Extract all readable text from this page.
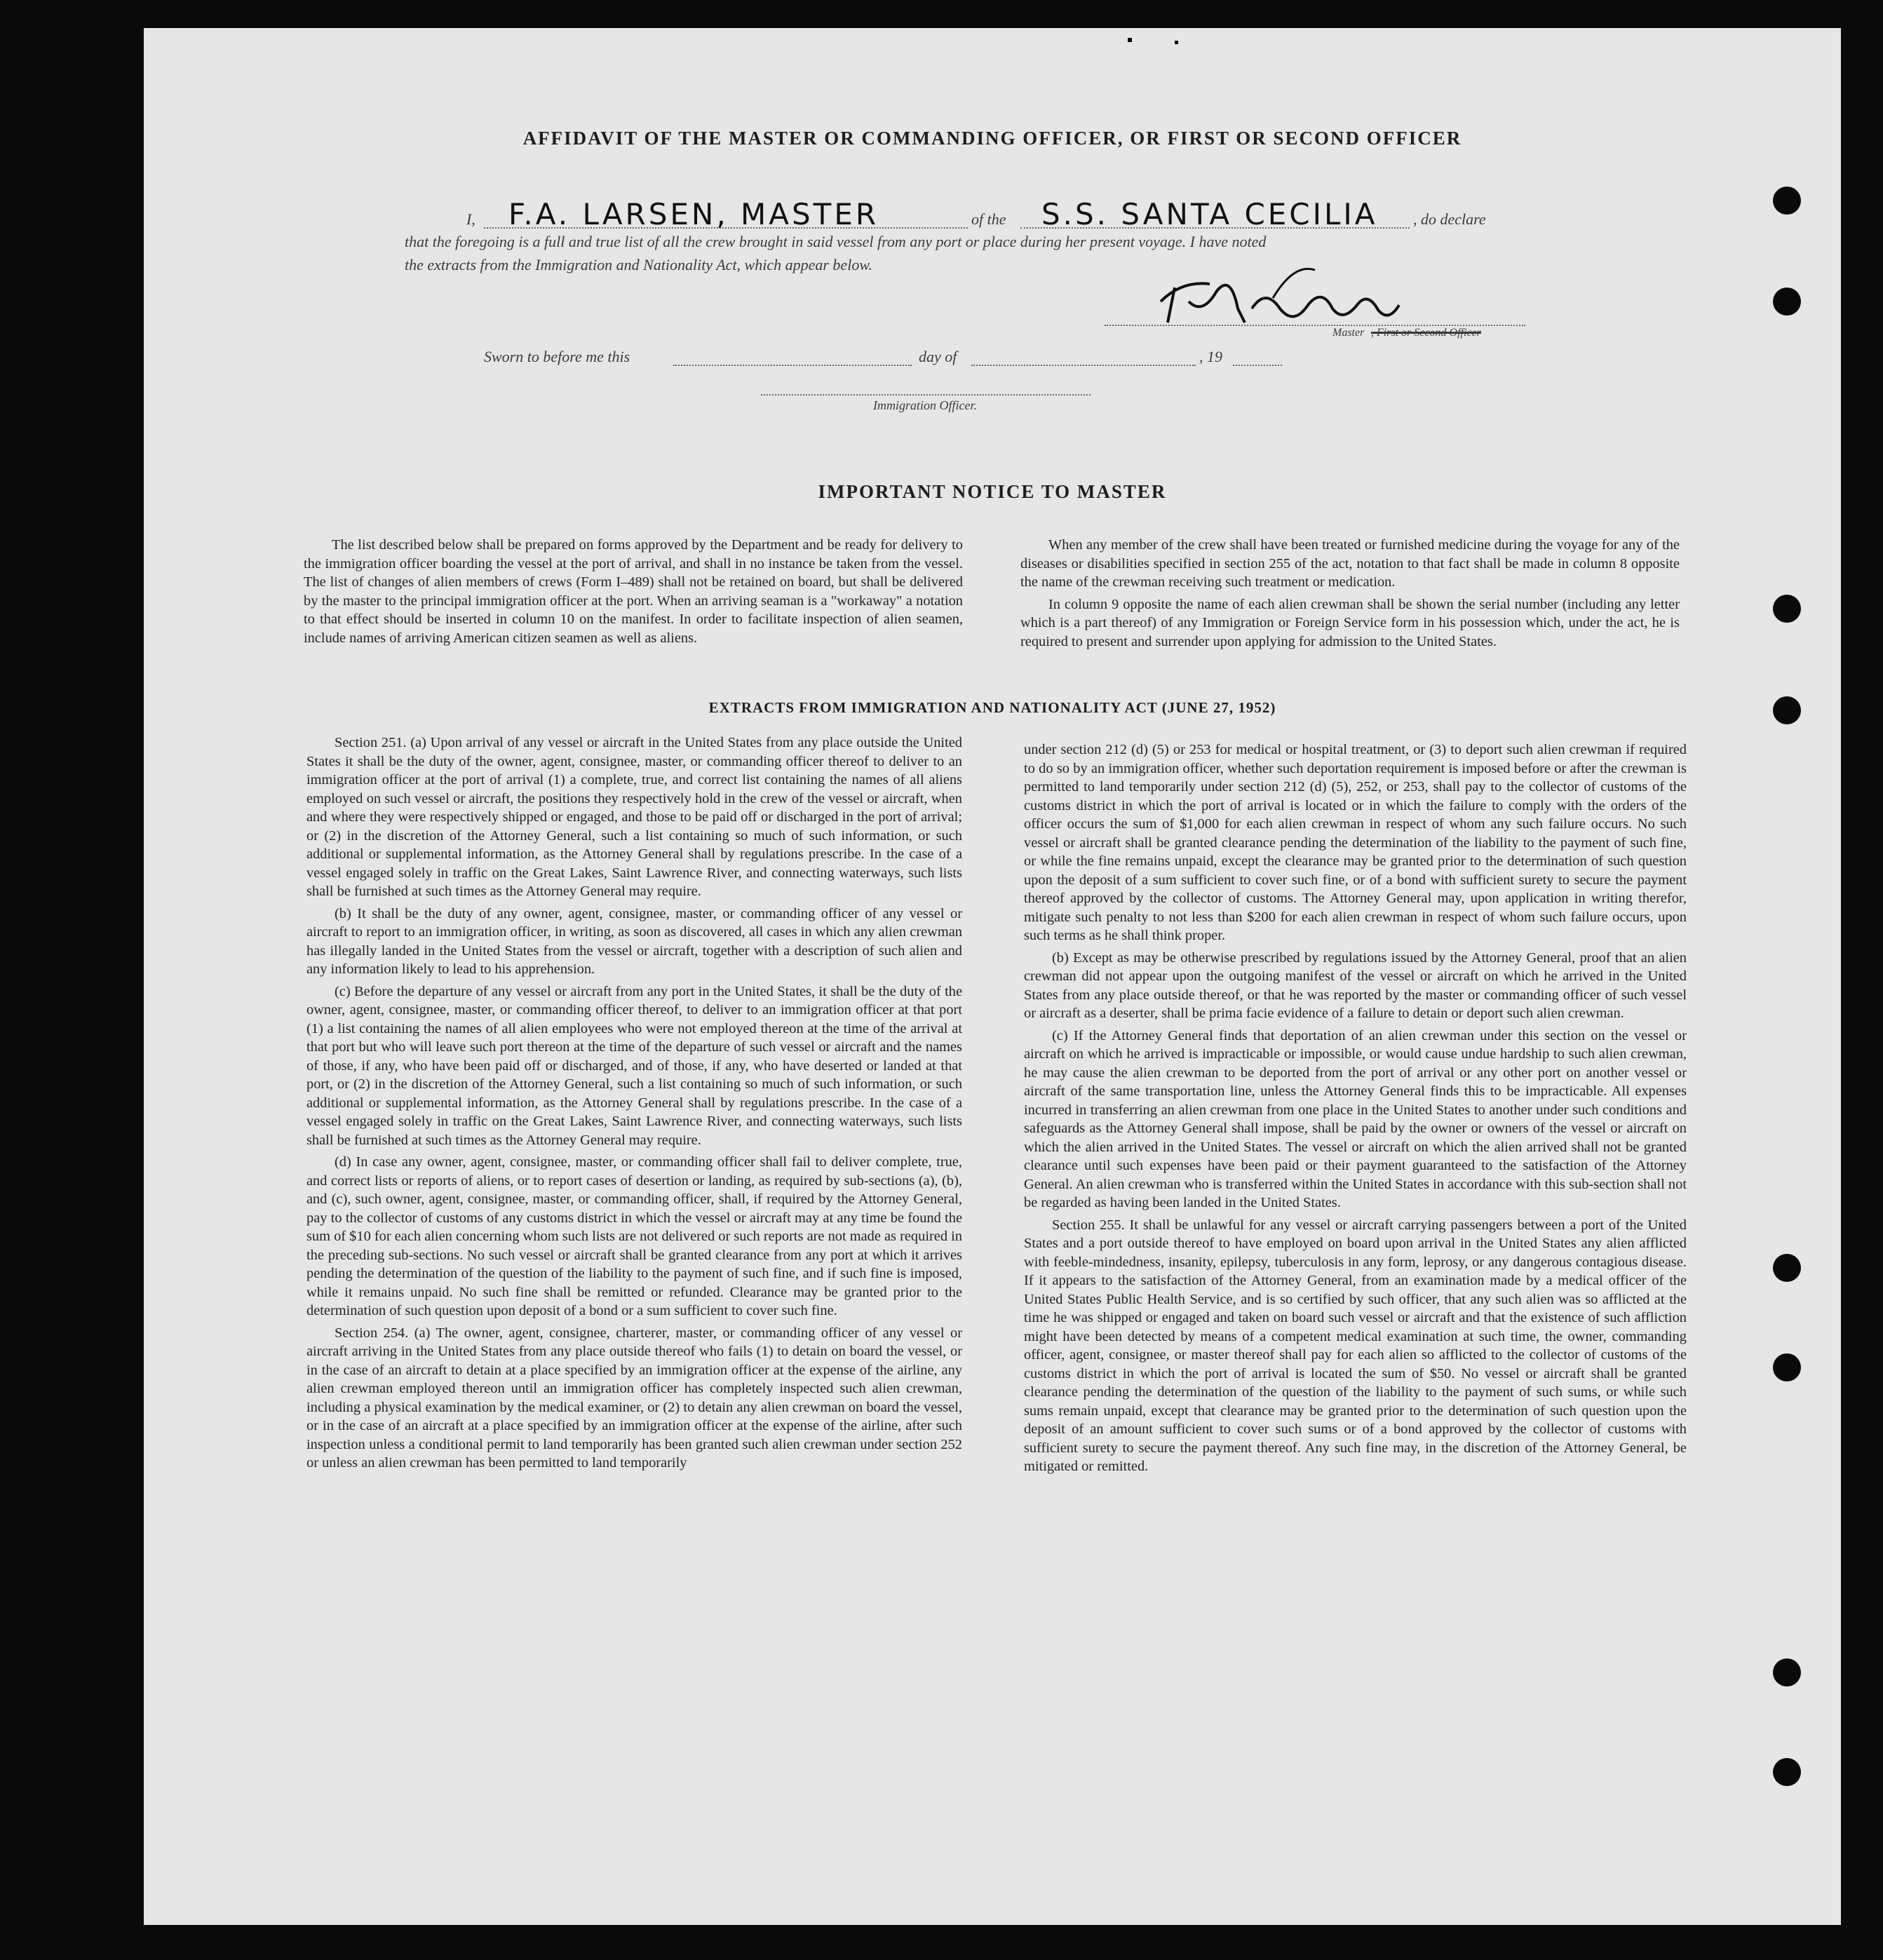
AFFIDAVIT OF THE MASTER OR COMMANDING OFFICER, OR FIRST OR SECOND OFFICER
I, F.A. LARSEN, MASTER	of the S.S. SANTA CECILIA , do declare
that the foregoing is a full and true list of all the crew brought in said vessel from any port or place during her present voyage. I have noted
the extracts from the Immigration and Nationality Act, which appear below.
Master , First or Second Officer
Sworn to before me this	day of	, 19
Immigration Officer.
IMPORTANT NOTICE TO MASTER

The list described below shall be prepared on forms approved by the Department and be ready for delivery to the immigration officer boarding the vessel at the port of arrival, and shall in no instance be taken from the vessel. The list of changes of alien members of crews (Form I–489) shall not be retained on board, but shall be delivered by the master to the principal immigration officer at the port. When an arriving seaman is a "workaway" a notation to that effect should be inserted in column 10 on the manifest. In order to facilitate inspection of alien seamen, include names of arriving American citizen seamen as well as aliens.

When any member of the crew shall have been treated or furnished medicine during the voyage for any of the diseases or disabilities specified in section 255 of the act, notation to that fact shall be made in column 8 opposite the name of the crewman receiving such treatment or medication.

In column 9 opposite the name of each alien crewman shall be shown the serial number (including any letter which is a part thereof) of any Immigration or Foreign Service form in his possession which, under the act, he is required to present and surrender upon applying for admission to the United States.

EXTRACTS FROM IMMIGRATION AND NATIONALITY ACT (JUNE 27, 1952)

Section 251. (a) Upon arrival of any vessel or aircraft in the United States from any place outside the United States it shall be the duty of the owner, agent, consignee, master, or commanding officer thereof to deliver to an immigration officer at the port of arrival (1) a complete, true, and correct list containing the names of all aliens employed on such vessel or aircraft, the positions they respectively hold in the crew of the vessel or aircraft, when and where they were respectively shipped or engaged, and those to be paid off or discharged in the port of arrival; or (2) in the discretion of the Attorney General, such a list containing so much of such information, or such additional or supplemental information, as the Attorney General shall by regulations prescribe. In the case of a vessel engaged solely in traffic on the Great Lakes, Saint Lawrence River, and connecting waterways, such lists shall be furnished at such times as the Attorney General may require.

(b) It shall be the duty of any owner, agent, consignee, master, or commanding officer of any vessel or aircraft to report to an immigration officer, in writing, as soon as discovered, all cases in which any alien crewman has illegally landed in the United States from the vessel or aircraft, together with a description of such alien and any information likely to lead to his apprehension.

(c) Before the departure of any vessel or aircraft from any port in the United States, it shall be the duty of the owner, agent, consignee, master, or commanding officer thereof, to deliver to an immigration officer at that port (1) a list containing the names of all alien employees who were not employed thereon at the time of the arrival at that port but who will leave such port thereon at the time of the departure of such vessel or aircraft and the names of those, if any, who have been paid off or discharged, and of those, if any, who have deserted or landed at that port, or (2) in the discretion of the Attorney General, such a list containing so much of such information, or such additional or supplemental information, as the Attorney General shall by regulations prescribe. In the case of a vessel engaged solely in traffic on the Great Lakes, Saint Lawrence River, and connecting waterways, such lists shall be furnished at such times as the Attorney General may require.

(d) In case any owner, agent, consignee, master, or commanding officer shall fail to deliver complete, true, and correct lists or reports of aliens, or to report cases of desertion or landing, as required by sub-sections (a), (b), and (c), such owner, agent, consignee, master, or commanding officer, shall, if required by the Attorney General, pay to the collector of customs of any customs district in which the vessel or aircraft may at any time be found the sum of $10 for each alien concerning whom such lists are not delivered or such reports are not made as required in the preceding sub-sections. No such vessel or aircraft shall be granted clearance from any port at which it arrives pending the determination of the question of the liability to the payment of such fine, and if such fine is imposed, while it remains unpaid. No such fine shall be remitted or refunded. Clearance may be granted prior to the determination of such question upon deposit of a bond or a sum sufficient to cover such fine.

Section 254. (a) The owner, agent, consignee, charterer, master, or commanding officer of any vessel or aircraft arriving in the United States from any place outside thereof who fails (1) to detain on board the vessel, or in the case of an aircraft to detain at a place specified by an immigration officer at the expense of the airline, any alien crewman employed thereon until an immigration officer has completely inspected such alien crewman, including a physical examination by the medical examiner, or (2) to detain any alien crewman on board the vessel, or in the case of an aircraft at a place specified by an immigration officer at the expense of the airline, after such inspection unless a conditional permit to land temporarily has been granted such alien crewman under section 252 or unless an alien crewman has been permitted to land temporarily

under section 212 (d) (5) or 253 for medical or hospital treatment, or (3) to deport such alien crewman if required to do so by an immigration officer, whether such deportation requirement is imposed before or after the crewman is permitted to land temporarily under section 212 (d) (5), 252, or 253, shall pay to the collector of customs of the customs district in which the port of arrival is located or in which the failure to comply with the orders of the officer occurs the sum of $1,000 for each alien crewman in respect of whom any such failure occurs. No such vessel or aircraft shall be granted clearance pending the determination of the liability to the payment of such fine, or while the fine remains unpaid, except the clearance may be granted prior to the determination of such question upon the deposit of a sum sufficient to cover such fine, or of a bond with sufficient surety to secure the payment thereof approved by the collector of customs. The Attorney General may, upon application in writing therefor, mitigate such penalty to not less than $200 for each alien crewman in respect of whom such failure occurs, upon such terms as he shall think proper.

(b) Except as may be otherwise prescribed by regulations issued by the Attorney General, proof that an alien crewman did not appear upon the outgoing manifest of the vessel or aircraft on which he arrived in the United States from any place outside thereof, or that he was reported by the master or commanding officer of such vessel or aircraft as a deserter, shall be prima facie evidence of a failure to detain or deport such alien crewman.

(c) If the Attorney General finds that deportation of an alien crewman under this section on the vessel or aircraft on which he arrived is impracticable or impossible, or would cause undue hardship to such alien crewman, he may cause the alien crewman to be deported from the port of arrival or any other port on another vessel or aircraft of the same transportation line, unless the Attorney General finds this to be impracticable. All expenses incurred in transferring an alien crewman from one place in the United States to another under such conditions and safeguards as the Attorney General shall impose, shall be paid by the owner or owners of the vessel or aircraft on which the alien arrived in the United States. The vessel or aircraft on which the alien arrived shall not be granted clearance until such expenses have been paid or their payment guaranteed to the satisfaction of the Attorney General. An alien crewman who is transferred within the United States in accordance with this sub-section shall not be regarded as having been landed in the United States.

Section 255. It shall be unlawful for any vessel or aircraft carrying passengers between a port of the United States and a port outside thereof to have employed on board upon arrival in the United States any alien afflicted with feeble-mindedness, insanity, epilepsy, tuberculosis in any form, leprosy, or any dangerous contagious disease. If it appears to the satisfaction of the Attorney General, from an examination made by a medical officer of the United States Public Health Service, and is so certified by such officer, that any such alien was so afflicted at the time he was shipped or engaged and taken on board such vessel or aircraft and that the existence of such affliction might have been detected by means of a competent medical examination at such time, the owner, commanding officer, agent, consignee, or master thereof shall pay for each alien so afflicted to the collector of customs of the customs district in which the port of arrival is located the sum of $50. No vessel or aircraft shall be granted clearance pending the determination of the question of the liability to the payment of such sums, or while such sums remain unpaid, except that clearance may be granted prior to the determination of such question upon the deposit of an amount sufficient to cover such sums or of a bond approved by the collector of customs with sufficient surety to secure the payment thereof. Any such fine may, in the discretion of the Attorney General, be mitigated or remitted.
